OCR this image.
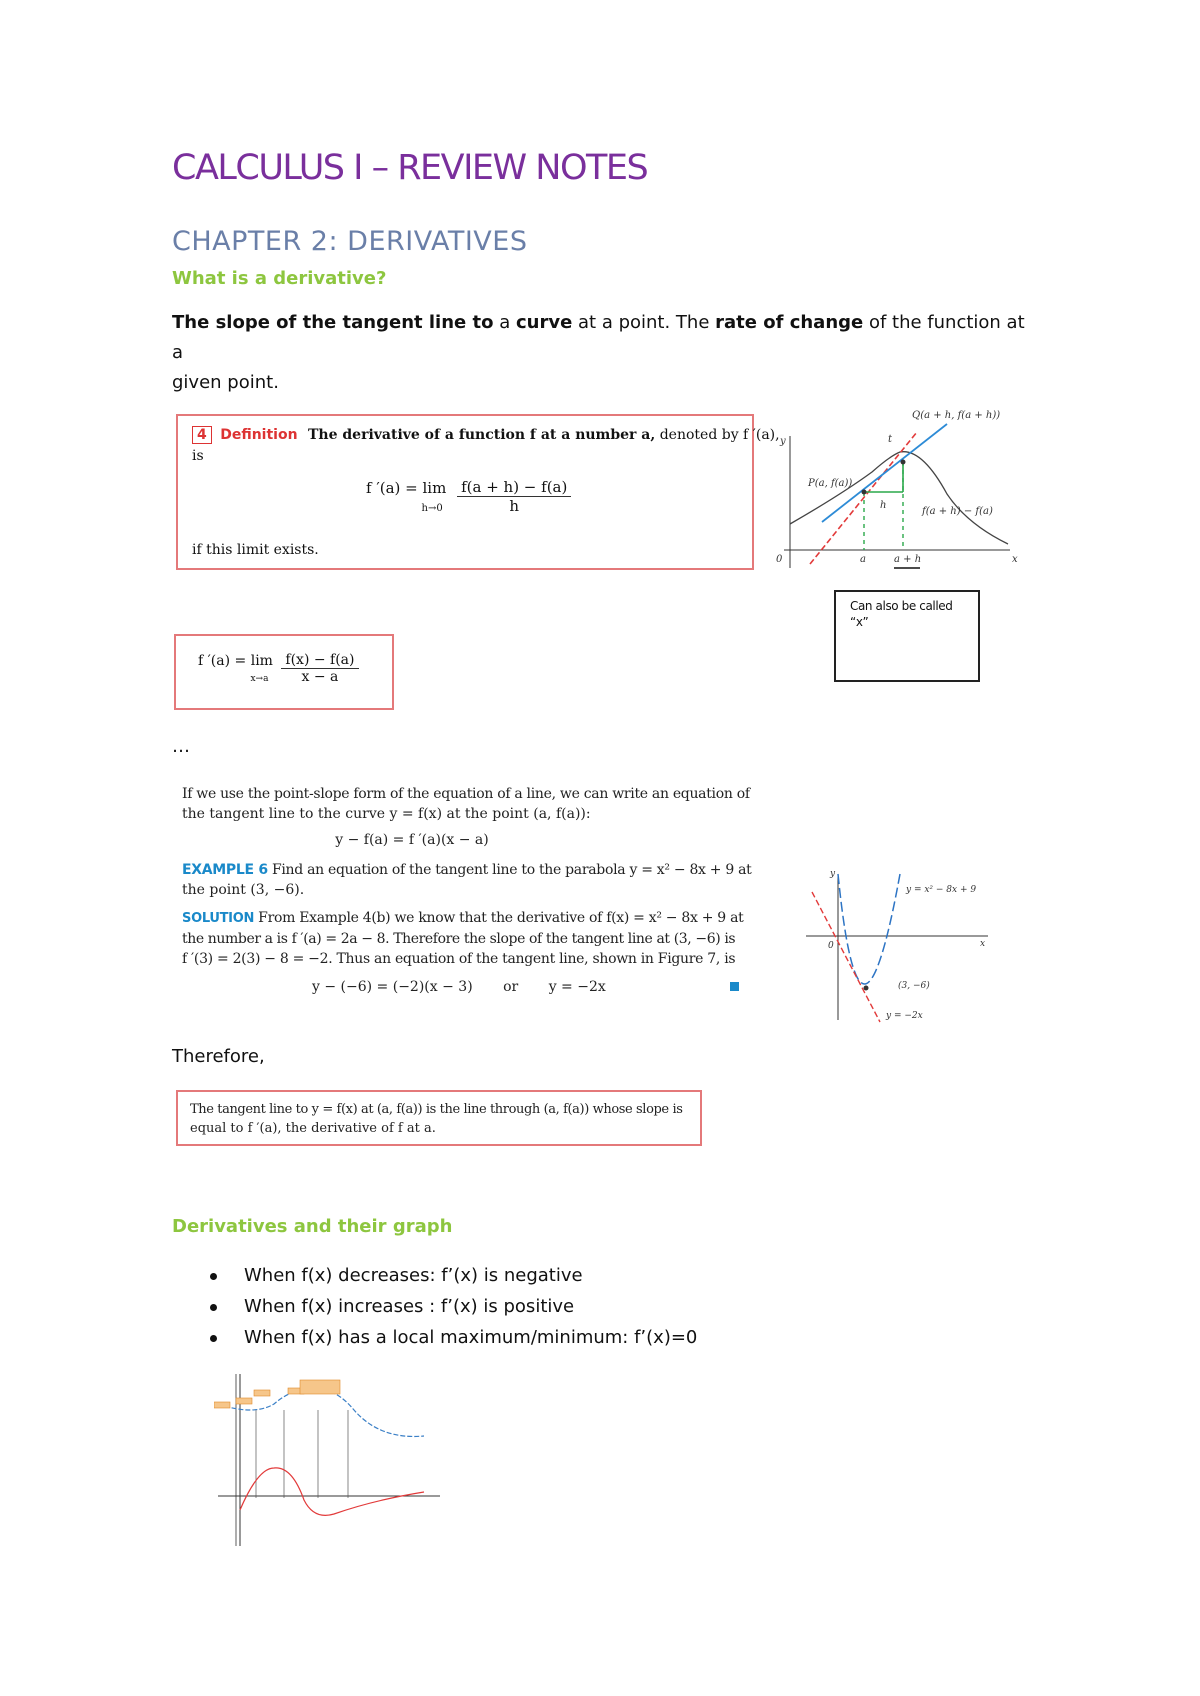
CALCULUS I – REVIEW NOTES
CHAPTER 2: DERIVATIVES
What is a derivative?
The slope of the tangent line to a curve at a point. The rate of change of the function at a
given point.
4 Definition The derivative of a function f at a number a, denoted by f ′(a),
is
f ′(a) = lim
$h\to 0 \frac{f(a + h) - f(a)}{h}$
if this limit exists.
Q(a + h, f(a + h))
P(a, f(a))
f(a + h) − f(a)
h
t
y
x
0	a	a + h
Can also be called
“x”
f ′(a) = lim
$x\to a \frac{f(x) - f(a)}{x - a}$
…
If we use the point-slope form of the equation of a line, we can write an equation of
the tangent line to the curve y = f(x) at the point (a, f(a)):
y − f(a) = f ′(a)(x − a)
EXAMPLE 6 Find an equation of the tangent line to the parabola y = x² − 8x + 9 at
the point (3, −6).
SOLUTION From Example 4(b) we know that the derivative of f(x) = x² − 8x + 9 at
the number a is f ′(a) = 2a − 8. Therefore the slope of the tangent line at (3, −6) is
f ′(3) = 2(3) − 8 = −2. Thus an equation of the tangent line, shown in Figure 7, is
y − (−6) = (−2)(x − 3) or y = −2x
y = x² − 8x + 9
(3, −6)
y = −2x
y
x
0
Therefore,
The tangent line to y = f(x) at (a, f(a)) is the line through (a, f(a)) whose slope is
equal to f ′(a), the derivative of f at a.
Derivatives and their graph
When f(x) decreases: f’(x) is negative
When f(x) increases : f’(x) is positive
When f(x) has a local maximum/minimum: f’(x)=0
